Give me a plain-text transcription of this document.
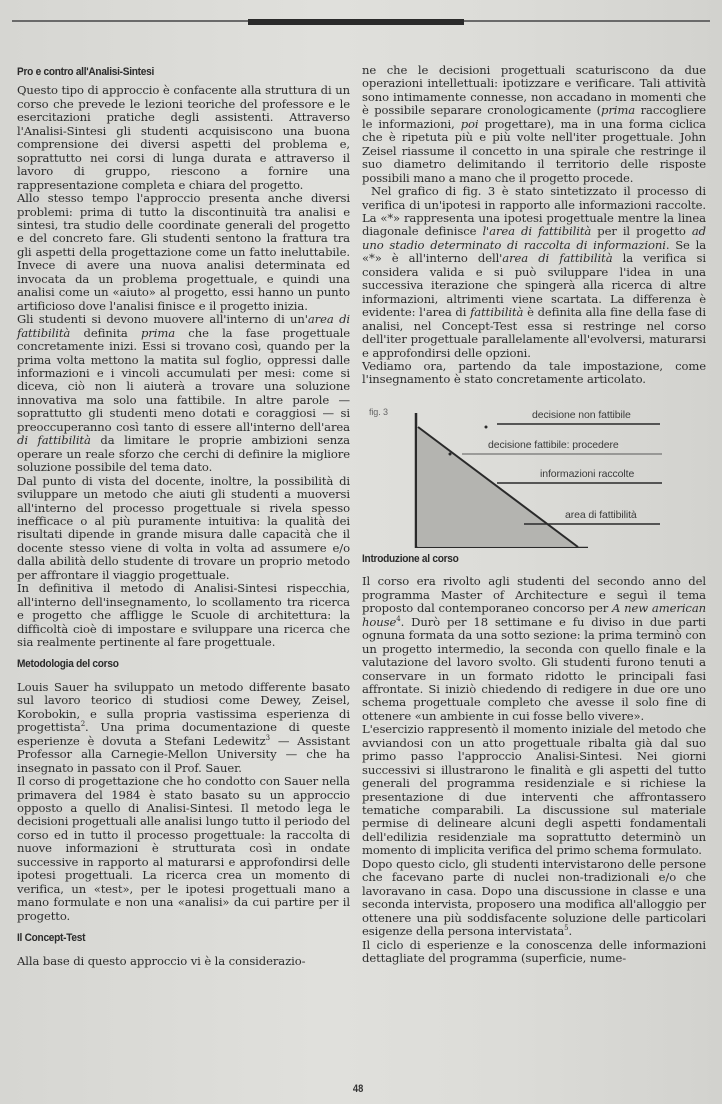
Pro e contro all'Analisi-Sintesi

Questo tipo di approccio è confacente alla struttura di un corso che prevede le lezioni teoriche del professore e le esercitazioni pratiche degli assistenti. Attraverso l'Analisi-Sintesi gli studenti acquisiscono una buona comprensione dei diversi aspetti del problema e, soprattutto nei corsi di lunga durata e attraverso il lavoro di gruppo, riescono a fornire una rappresentazione completa e chiara del progetto.

Allo stesso tempo l'approccio presenta anche diversi problemi: prima di tutto la discontinuità tra analisi e sintesi, tra studio delle coordinate generali del progetto e del concreto fare. Gli studenti sentono la frattura tra gli aspetti della progettazione come un fatto ineluttabile. Invece di avere una nuova analisi determinata ed invocata da un problema progettuale, e quindi una analisi come un «aiuto» al progetto, essi hanno un punto artificioso dove l'analisi finisce e il progetto inizia.

Gli studenti si devono muovere all'interno di un'area di fattibilità definita prima che la fase progettuale concretamente inizi. Essi si trovano così, quando per la prima volta mettono la matita sul foglio, oppressi dalle informazioni e i vincoli accumulati per mesi: come si diceva, ciò non li aiuterà a trovare una soluzione innovativa ma solo una fattibile. In altre parole — soprattutto gli studenti meno dotati e coraggiosi — si preoccuperanno così tanto di essere all'interno dell'area di fattibilità da limitare le proprie ambizioni senza operare un reale sforzo che cerchi di definire la migliore soluzione possibile del tema dato.

Dal punto di vista del docente, inoltre, la possibilità di sviluppare un metodo che aiuti gli studenti a muoversi all'interno del processo progettuale si rivela spesso inefficace o al più puramente intuitiva: la qualità dei risultati dipende in grande misura dalle capacità che il docente stesso viene di volta in volta ad assumere e/o dalla abilità dello studente di trovare un proprio metodo per affrontare il viaggio progettuale.

In definitiva il metodo di Analisi-Sintesi rispecchia, all'interno dell'insegnamento, lo scollamento tra ricerca e progetto che affligge le Scuole di architettura: la difficoltà cioè di impostare e sviluppare una ricerca che sia realmente pertinente al fare progettuale.

Metodologia del corso

Louis Sauer ha sviluppato un metodo differente basato sul lavoro teorico di studiosi come Dewey, Zeisel, Korobokin, e sulla propria vastissima esperienza di progettista$^2$. Una prima documentazione di queste esperienze è dovuta a Stefani Ledewitz$^3$ — Assistant Professor alla Carnegie-Mellon University — che ha insegnato in passato con il Prof. Sauer.

Il corso di progettazione che ho condotto con Sauer nella primavera del 1984 è stato basato su un approccio opposto a quello di Analisi-Sintesi. Il metodo lega le decisioni progettuali alle analisi lungo tutto il periodo del corso ed in tutto il processo progettuale: la raccolta di nuove informazioni è strutturata così in ondate successive in rapporto al maturarsi e approfondirsi delle ipotesi progettuali. La ricerca crea un momento di verifica, un «test», per le ipotesi progettuali mano a mano formulate e non una «analisi» da cui partire per il progetto.

Il Concept-Test

Alla base di questo approccio vi è la considerazio-

ne che le decisioni progettuali scaturiscono da due operazioni intellettuali: ipotizzare e verificare. Tali attività sono intimamente connesse, non accadano in momenti che è possibile separare cronologicamente (prima raccogliere le informazioni, poi progettare), ma in una forma ciclica che è ripetuta più e più volte nell'iter progettuale. John Zeisel riassume il concetto in una spirale che restringe il suo diametro delimitando il territorio delle risposte possibili mano a mano che il progetto procede.

Nel grafico di fig. 3 è stato sintetizzato il processo di verifica di un'ipotesi in rapporto alle informazioni raccolte. La «*» rappresenta una ipotesi progettuale mentre la linea diagonale definisce l'area di fattibilità per il progetto ad uno stadio determinato di raccolta di informazioni. Se la «*» è all'interno dell'area di fattibilità la verifica si considera valida e si può sviluppare l'idea in una successiva iterazione che spingerà alla ricerca di altre informazioni, altrimenti viene scartata. La differenza è evidente: l'area di fattibilità è definita alla fine della fase di analisi, nel Concept-Test essa si restringe nel corso dell'iter progettuale parallelamente all'evolversi, maturarsi e approfondirsi delle opzioni.

Vediamo ora, partendo da tale impostazione, come l'insegnamento è stato concretamente articolato.

fig. 3	decisione non fattibile
decisione fattibile: procedere
informazioni raccolte
area di fattibilità
Introduzione al corso

Il corso era rivolto agli studenti del secondo anno del programma Master of Architecture e seguì il tema proposto dal contemporaneo concorso per A new american house$^4$. Durò per 18 settimane e fu diviso in due parti ognuna formata da una sotto sezione: la prima terminò con un progetto intermedio, la seconda con quello finale e la valutazione del lavoro svolto. Gli studenti furono tenuti a conservare in un formato ridotto le principali fasi affrontate. Si iniziò chiedendo di redigere in due ore uno schema progettuale completo che avesse il solo fine di ottenere «un ambiente in cui fosse bello vivere».

L'esercizio rappresentò il momento iniziale del metodo che avviandosi con un atto progettuale ribalta già dal suo primo passo l'approccio Analisi-Sintesi. Nei giorni successivi si illustrarono le finalità e gli aspetti del tutto generali del programma residenziale e si richiese la presentazione di due interventi che affrontassero tematiche comparabili. La discussione sul materiale permise di delineare alcuni degli aspetti fondamentali dell'edilizia residenziale ma soprattutto determinò un momento di implicita verifica del primo schema formulato.

Dopo questo ciclo, gli studenti intervistarono delle persone che facevano parte di nuclei non-tradizionali e/o che lavoravano in casa. Dopo una discussione in classe e una seconda intervista, proposero una modifica all'alloggio per ottenere una più soddisfacente soluzione delle particolari esigenze della persona intervistata$^5$.

Il ciclo di esperienze e la conoscenza delle informazioni dettagliate del programma (superficie, nume-

48
